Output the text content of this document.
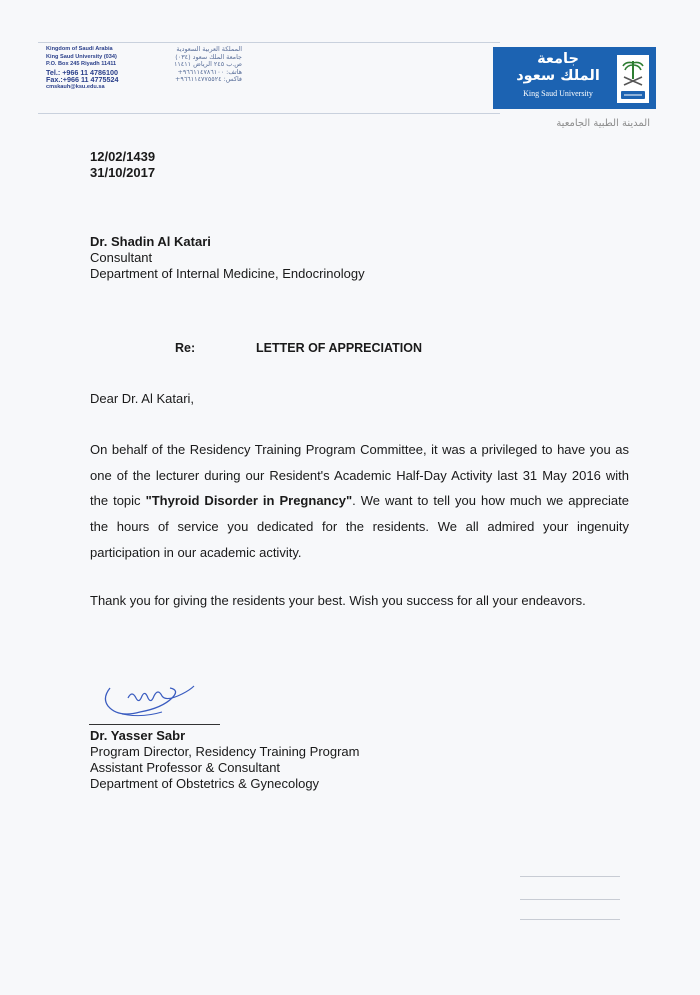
Kingdom of Saudi Arabia
King Saud University (034)
P.O. Box 245 Riyadh 11411
Tel.: +966 11 4786100
Fax.:+966 11 4775524
cmskauh@ksu.edu.sa
المملكة العربية السعودية
جامعة الملك سعود (٠٣٤)
ص.ب ٢٤٥ الرياض ١١٤١١
هاتف: ٩٦٦١١٤٧٨٦١٠٠+
فاكس: ٩٦٦١١٤٧٧٥٥٢٤+
جامعة
الملك سعود
King Saud University
المدينة الطبية الجامعية
12/02/1439
31/10/2017
Dr. Shadin Al Katari
Consultant
Department of Internal Medicine, Endocrinology
Re:	LETTER OF APPRECIATION
Dear Dr. Al Katari,

On behalf of the Residency Training Program Committee, it was a privileged to have you as one of the lecturer during our Resident's Academic Half-Day Activity last 31 May 2016 with the topic "Thyroid Disorder in Pregnancy". We want to tell you how much we appreciate the hours of service you dedicated for the residents. We all admired your ingenuity participation in our academic activity.

Thank you for giving the residents your best. Wish you success for all your endeavors.

Dr. Yasser Sabr
Program Director, Residency Training Program
Assistant Professor & Consultant
Department of Obstetrics & Gynecology
